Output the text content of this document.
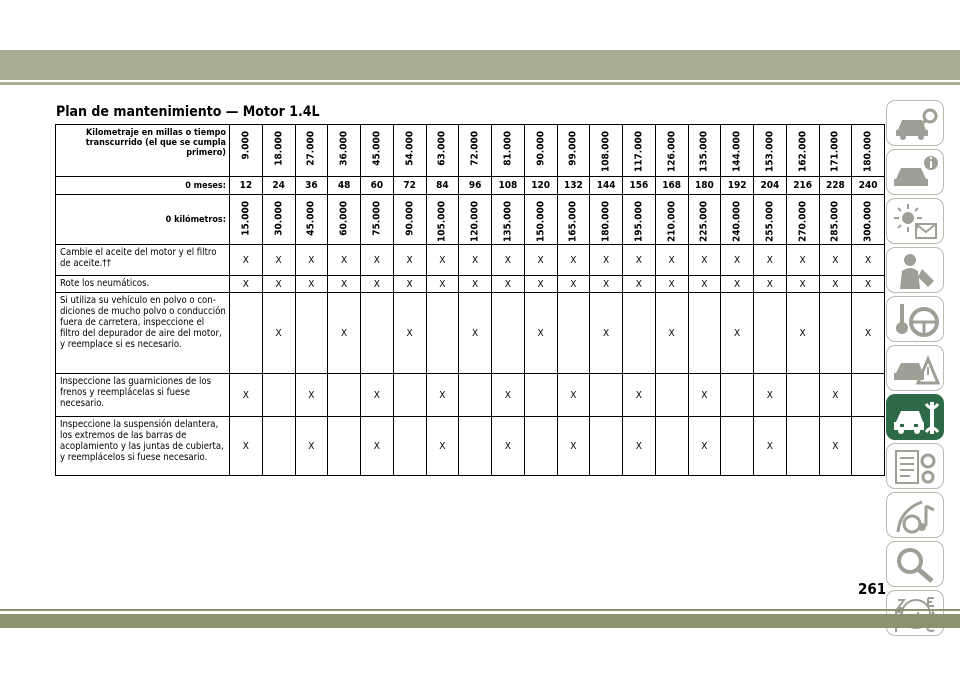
Plan de mantenimiento — Motor 1.4L
Kilometraje en millas o tiempo transcurrido (el que se cumpla primero)	9.000	18.000	27.000	36.000	45.000	54.000	63.000	72.000	81.000	90.000	99.000	108.000	117.000	126.000	135.000	144.000	153.000	162.000	171.000	180.000

0 meses:	12	24	36	48	60	72	84	96	108	120	132	144	156	168	180	192	204	216	228	240
0 kilómetros:	15.000	30.000	45.000	60.000	75.000	90.000	105.000	120.000	135.000	150.000	165.000	180.000	195.000	210.000	225.000	240.000	255.000	270.000	285.000	300.000

Cambie el aceite del motor y el filtro de aceite.††	X	X	X	X	X	X	X	X	X	X	X	X	X	X	X	X	X	X	X	X
Rote los neumáticos.	X	X	X	X	X	X	X	X	X	X	X	X	X	X	X	X	X	X	X	X
Si utiliza su vehículo en polvo o condiciones de mucho polvo o conducción fuera de carretera, inspeccione el filtro del depurador de aire del motor, y reemplace si es necesario.		X		X		X		X		X		X		X		X		X		X
Inspeccione las guarniciones de los frenos y reemplácelas si fuese necesario.	X		X		X		X		X		X		X		X		X		X	
Inspeccione la suspensión delantera, los extremos de las barras de acoplamiento y las juntas de cubierta, y reemplácelos si fuese necesario.	X		X		X		X		X		X		X		X		X		X	
261
